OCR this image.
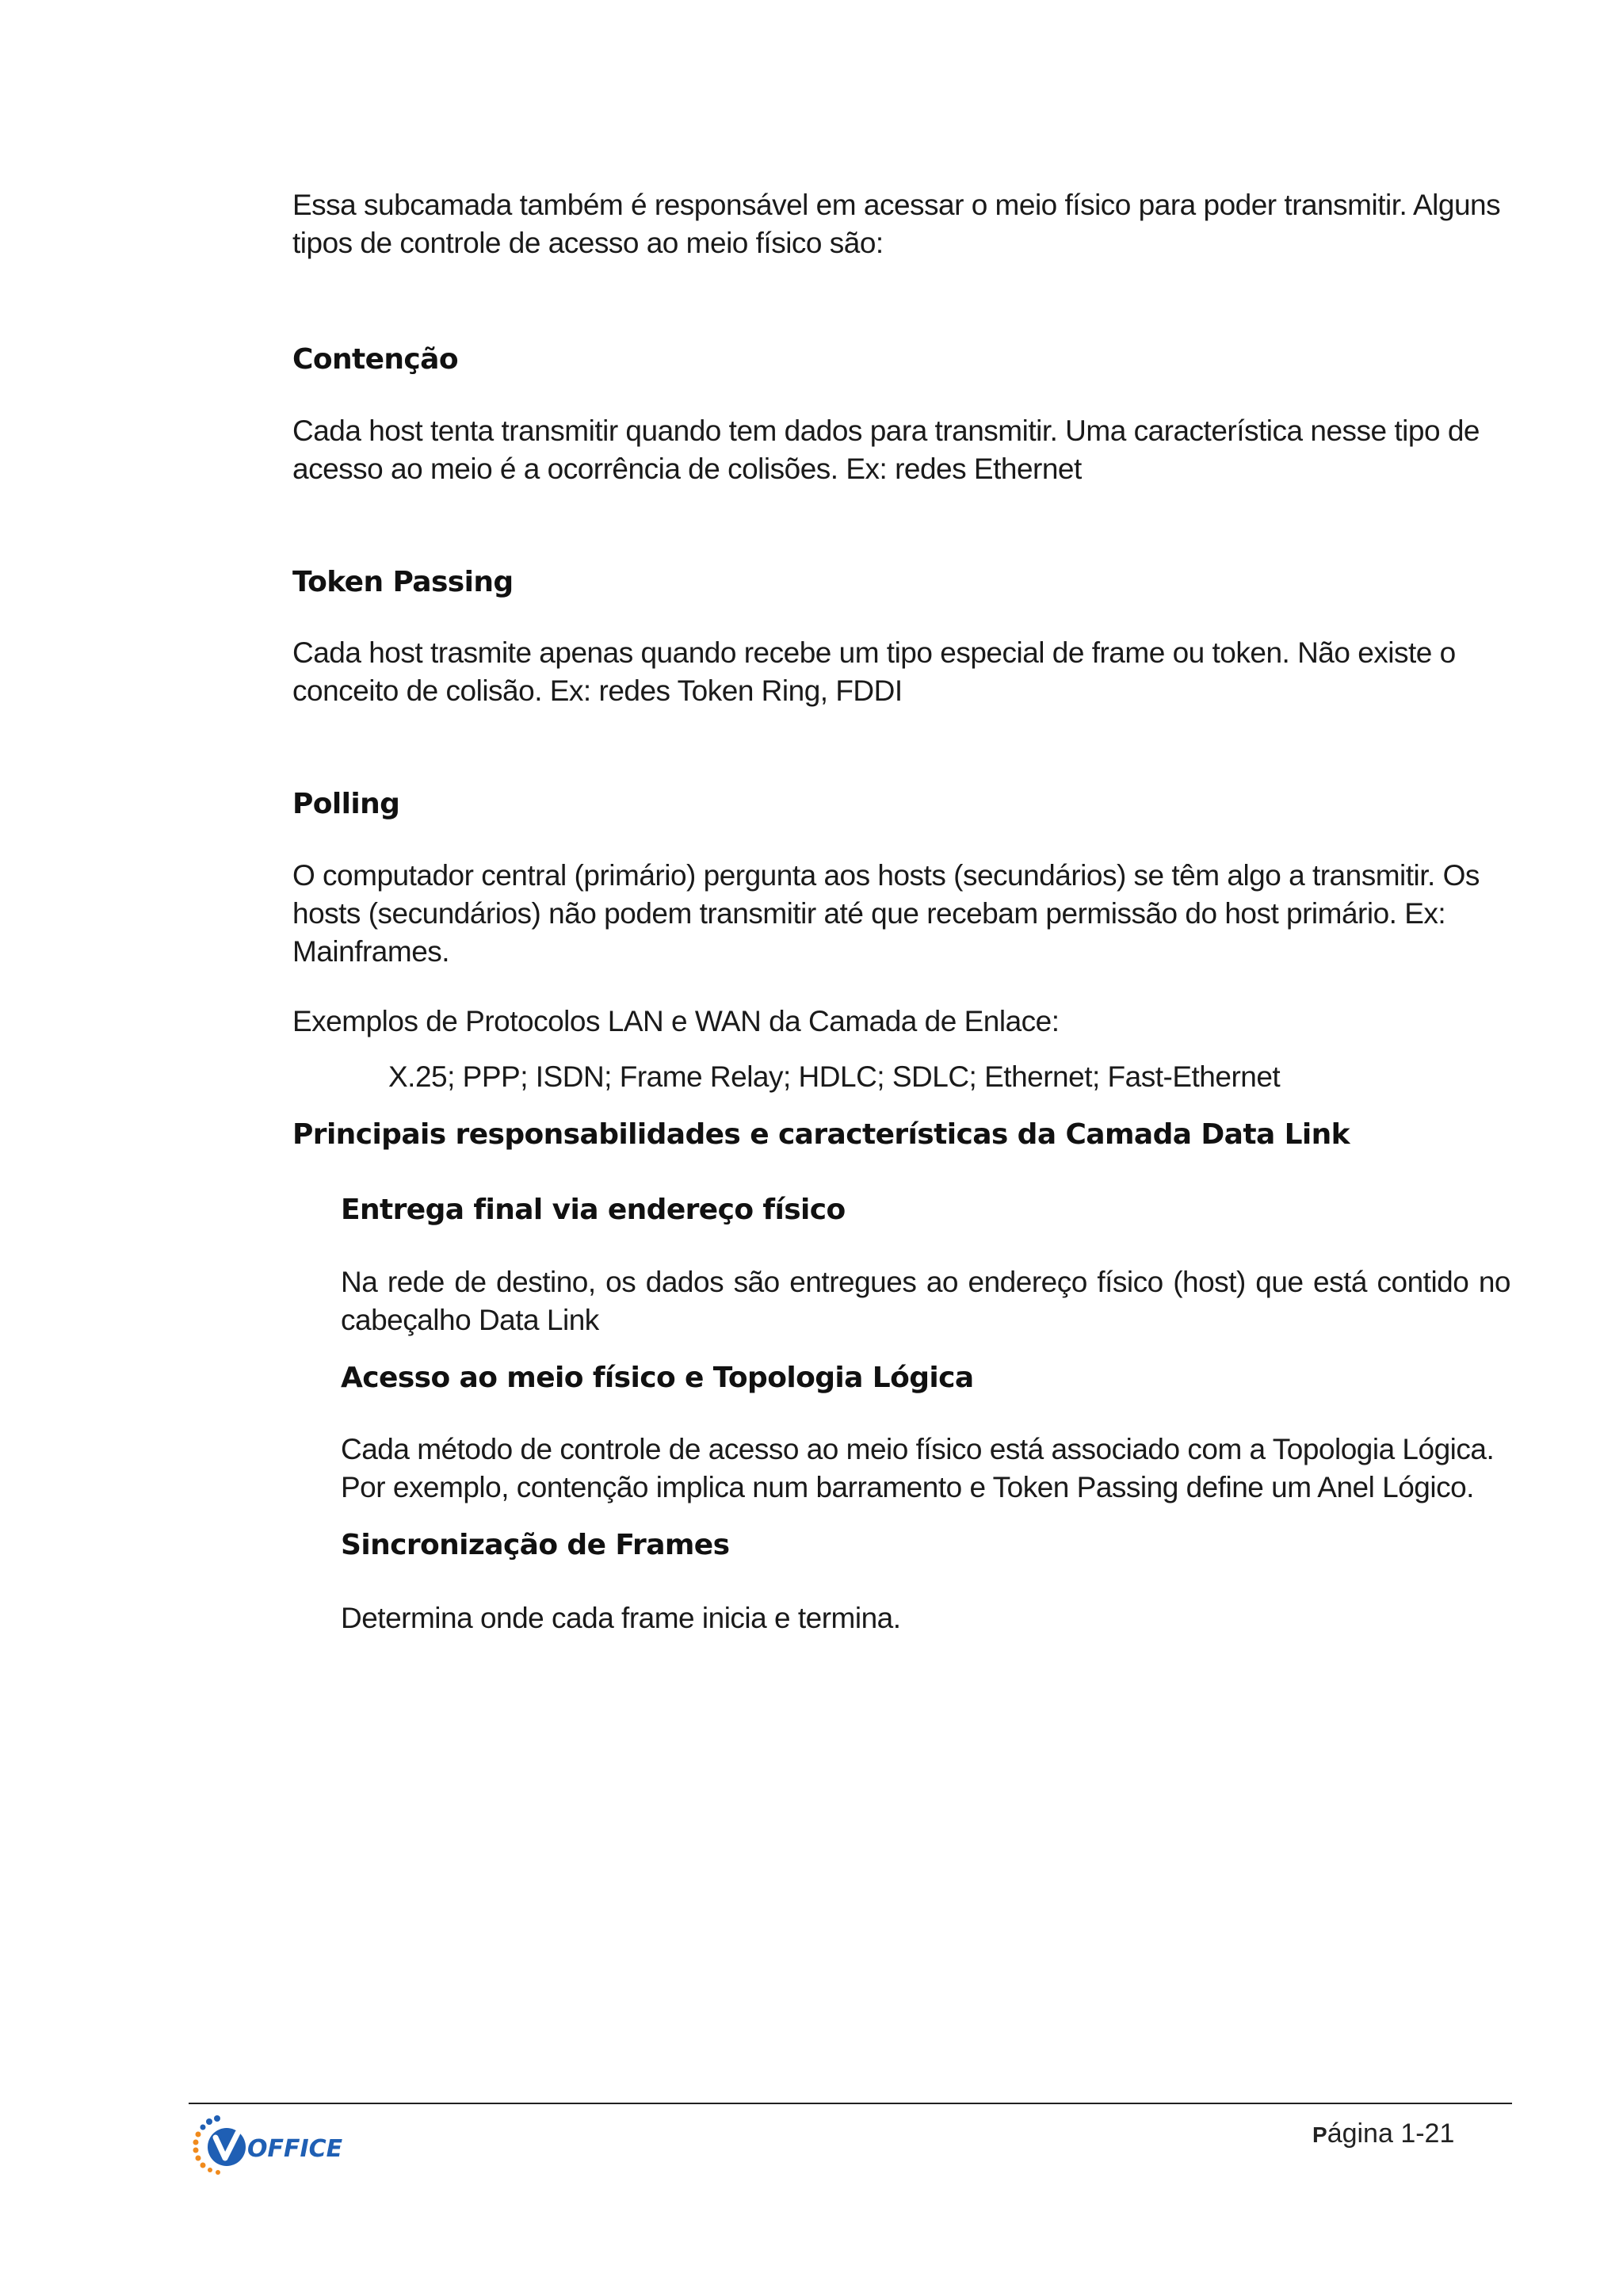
Essa subcamada também é responsável em acessar o meio físico para poder transmitir. Alguns tipos de controle de acesso ao meio físico são:
Contenção
Cada host tenta transmitir quando tem dados para transmitir. Uma característica nesse tipo de acesso ao meio é a ocorrência de colisões. Ex: redes Ethernet
Token Passing
Cada host trasmite apenas quando recebe um tipo especial de frame ou token. Não existe o conceito de colisão. Ex: redes Token Ring, FDDI
Polling
O computador central (primário) pergunta aos hosts (secundários) se têm algo a transmitir. Os hosts (secundários) não podem transmitir até que recebam permissão do host primário. Ex: Mainframes.
Exemplos de Protocolos LAN e WAN da Camada de Enlace:
X.25; PPP; ISDN; Frame Relay; HDLC; SDLC; Ethernet; Fast-Ethernet
Principais responsabilidades e características da Camada Data Link
Entrega final via endereço físico
Na rede de destino, os dados são entregues ao endereço físico (host) que está contido no cabeçalho Data Link
Acesso ao meio físico e Topologia Lógica
Cada método de controle de acesso ao meio físico está associado com a Topologia Lógica. Por exemplo, contenção implica num barramento e Token Passing define um Anel Lógico.
Sincronização de Frames
Determina onde cada frame inicia e termina.
OFFICE
Página 1-21
